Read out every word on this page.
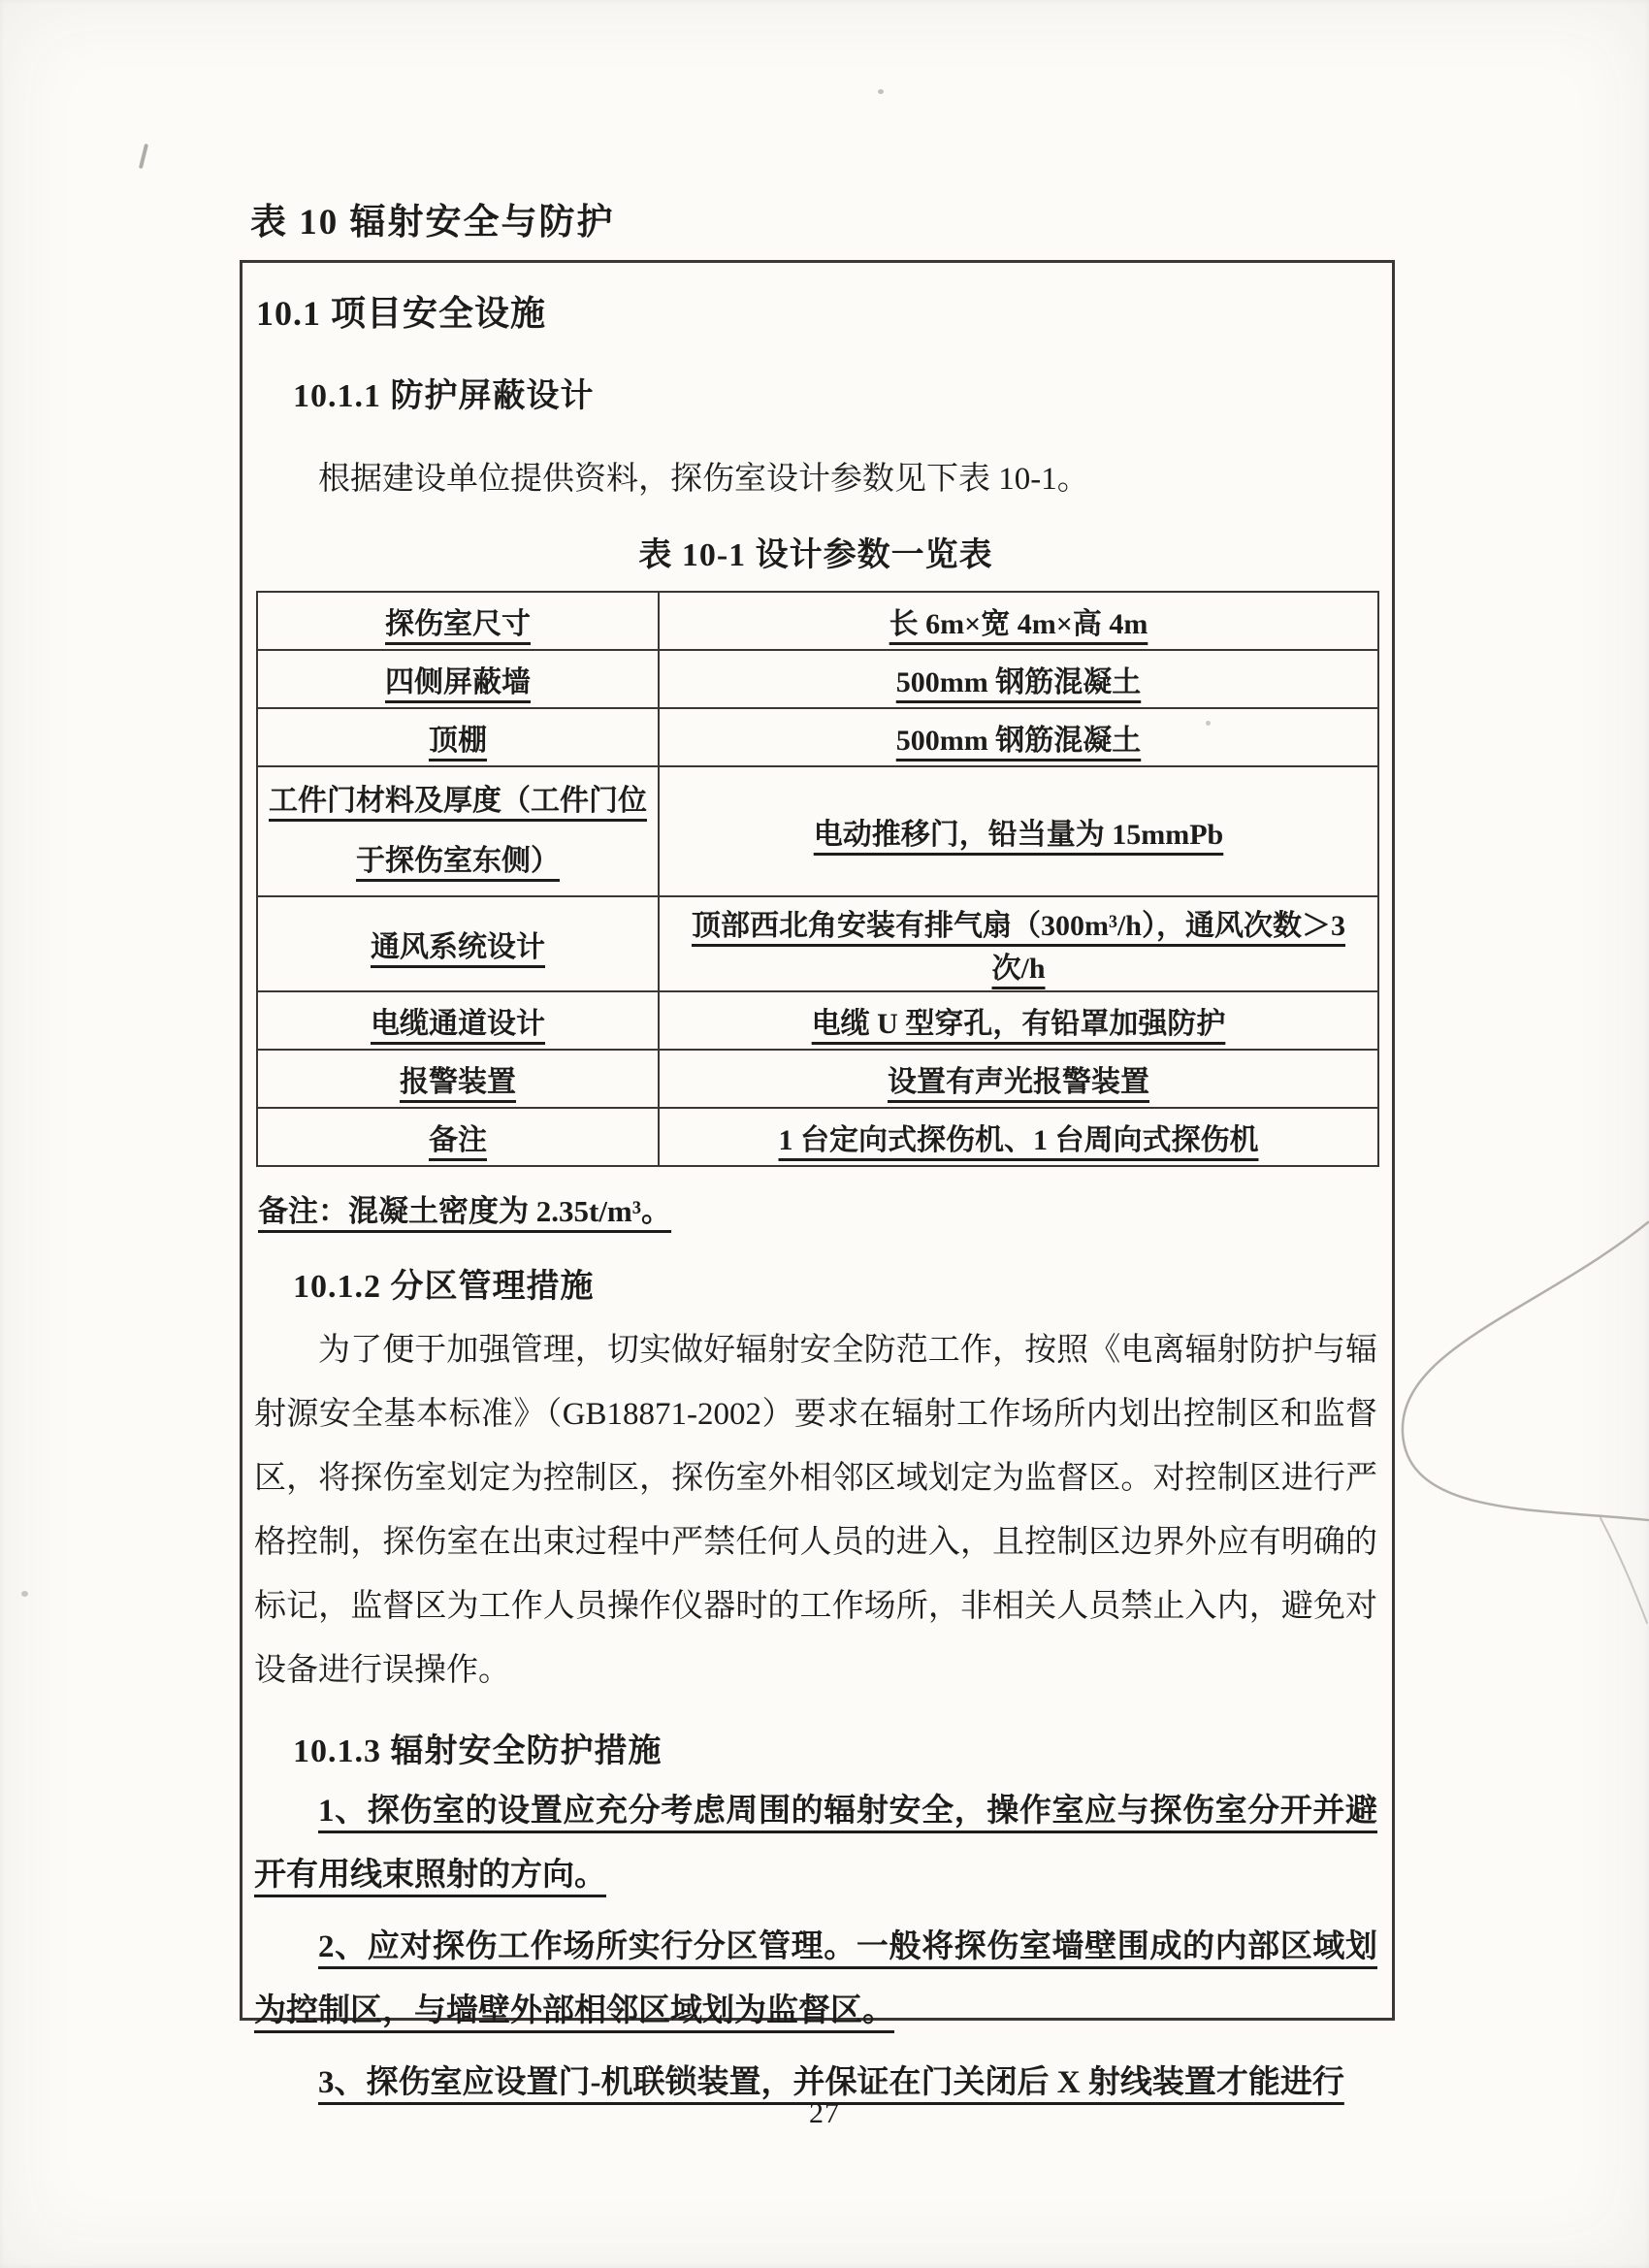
表 10 辐射安全与防护
10.1 项目安全设施
10.1.1 防护屏蔽设计

根据建设单位提供资料，探伤室设计参数见下表 10-1。

表 10-1 设计参数一览表
探伤室尺寸	长 6m×宽 4m×高 4m
四侧屏蔽墙	500mm 钢筋混凝土
顶棚	500mm 钢筋混凝土
工件门材料及厚度（工件门位于探伤室东侧）	电动推移门，铅当量为 15mmPb
通风系统设计	顶部西北角安装有排气扇（300m³/h），通风次数＞3 次/h
电缆通道设计	电缆 U 型穿孔，有铅罩加强防护
报警装置	设置有声光报警装置
备注	1 台定向式探伤机、1 台周向式探伤机

备注：混凝土密度为 2.35t/m³。

10.1.2 分区管理措施

为了便于加强管理，切实做好辐射安全防范工作，按照《电离辐射防护与辐射源安全基本标准》（GB18871-2002）要求在辐射工作场所内划出控制区和监督区，将探伤室划定为控制区，探伤室外相邻区域划定为监督区。对控制区进行严格控制，探伤室在出束过程中严禁任何人员的进入，且控制区边界外应有明确的标记，监督区为工作人员操作仪器时的工作场所，非相关人员禁止入内，避免对设备进行误操作。

10.1.3 辐射安全防护措施

1、探伤室的设置应充分考虑周围的辐射安全，操作室应与探伤室分开并避开有用线束照射的方向。

2、应对探伤工作场所实行分区管理。一般将探伤室墙壁围成的内部区域划为控制区，与墙壁外部相邻区域划为监督区。

3、探伤室应设置门-机联锁装置，并保证在门关闭后 X 射线装置才能进行

27
